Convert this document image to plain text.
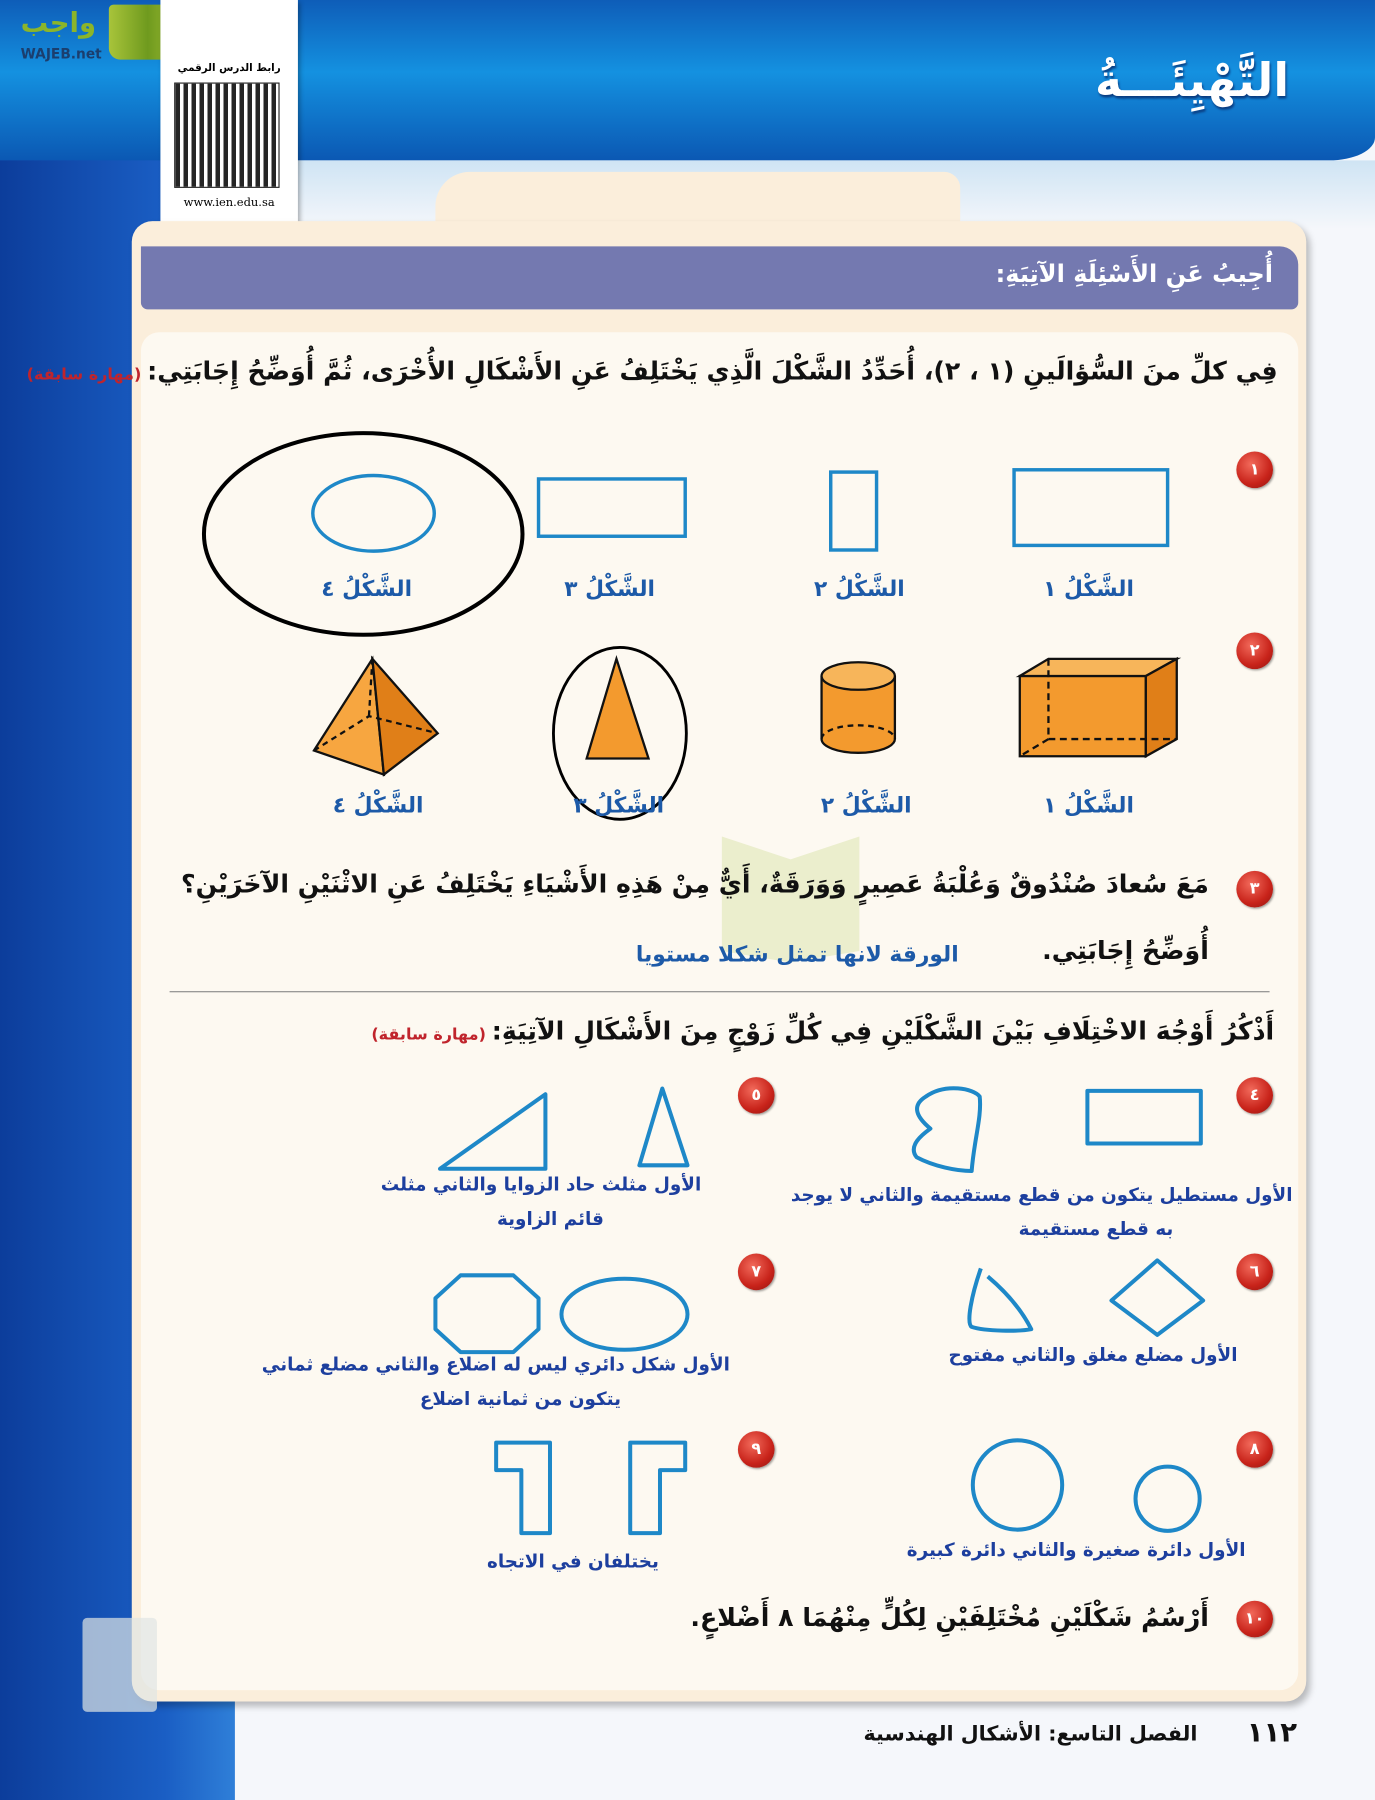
التَّهْيِئَـــةُ
واجب
WAJEB.net
رابط الدرس الرقمي
www.ien.edu.sa
أُجِيبُ عَنِ الأَسْئِلَةِ الآتِيَةِ:
فِي كلِّ منَ السُّؤالَينِ (١ ، ٢)، أُحَدِّدُ الشَّكْلَ الَّذِي يَخْتَلِفُ عَنِ الأَشْكَالِ الأُخْرَى، ثُمَّ أُوَضِّحُ إِجَابَتِي: (مهارة سابقة)
١
الشَّكْلُ ١
الشَّكْلُ ٢
الشَّكْلُ ٣
الشَّكْلُ ٤
٢
الشَّكْلُ ١
الشَّكْلُ ٢
الشَّكْلُ ٣
الشَّكْلُ ٤
٣
مَعَ سُعادَ صُنْدُوقٌ وَعُلْبَةُ عَصِيرٍ وَوَرَقَةٌ، أَيٌّ مِنْ هَذِهِ الأَشْيَاءِ يَخْتَلِفُ عَنِ الاثْنَيْنِ الآخَرَيْنِ؟
أُوَضِّحُ إِجَابَتِي.
الورقة لانها تمثل شكلا مستويا
أَذْكُرُ أَوْجُهَ الاخْتِلَافِ بَيْنَ الشَّكْلَيْنِ فِي كُلِّ زَوْجٍ مِنَ الأَشْكَالِ الآتِيَةِ: (مهارة سابقة)
٤
٥
٦
٧
٨
٩
١٠
الأول مستطيل يتكون من قطع مستقيمة والثاني لا يوجد
به قطع مستقيمة
الأول مثلث حاد الزوايا والثاني مثلث
قائم الزاوية
الأول مضلع مغلق والثاني مفتوح
الأول شكل دائري ليس له اضلاع والثاني مضلع ثماني
يتكون من ثمانية اضلاع
الأول دائرة صغيرة والثاني دائرة كبيرة
يختلفان في الاتجاه
أَرْسُمُ شَكْلَيْنِ مُخْتَلِفَيْنِ لِكُلٍّ مِنْهُمَا ٨ أَضْلاعٍ.
الفصل التاسع: الأشكال الهندسية ١١٢
